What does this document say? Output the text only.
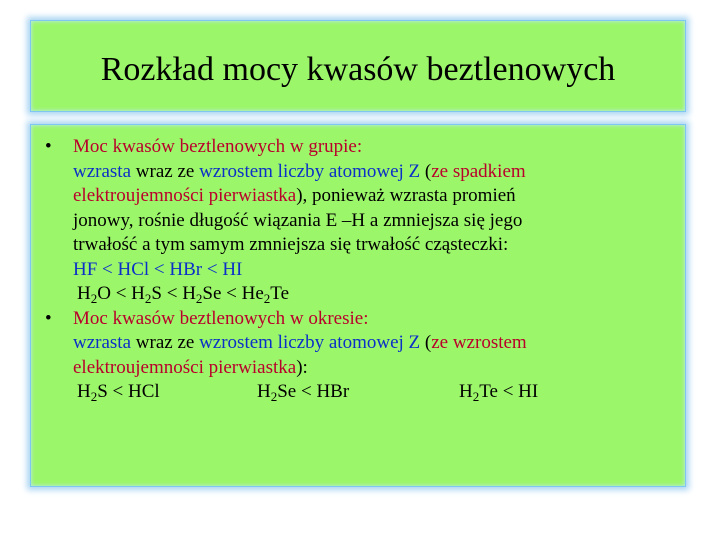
Rozkład mocy kwasów beztlenowych
• Moc kwasów beztlenowych w grupie:
wzrasta wraz ze wzrostem liczby atomowej Z (ze spadkiem
elektroujemności pierwiastka), ponieważ wzrasta promień
jonowy, rośnie długość wiązania E –H a zmniejsza się jego
trwałość a tym samym zmniejsza się trwałość cząsteczki:
HF < HCl < HBr < HI
$H_2O < H_2S < H_2Se < He_2Te$
• Moc kwasów beztlenowych w okresie:
wzrasta wraz ze wzrostem liczby atomowej Z (ze wzrostem
elektroujemności pierwiastka):
$H_2S$ < HCl	$H_2Se$ < HBr	$H_2Te$ < HI
